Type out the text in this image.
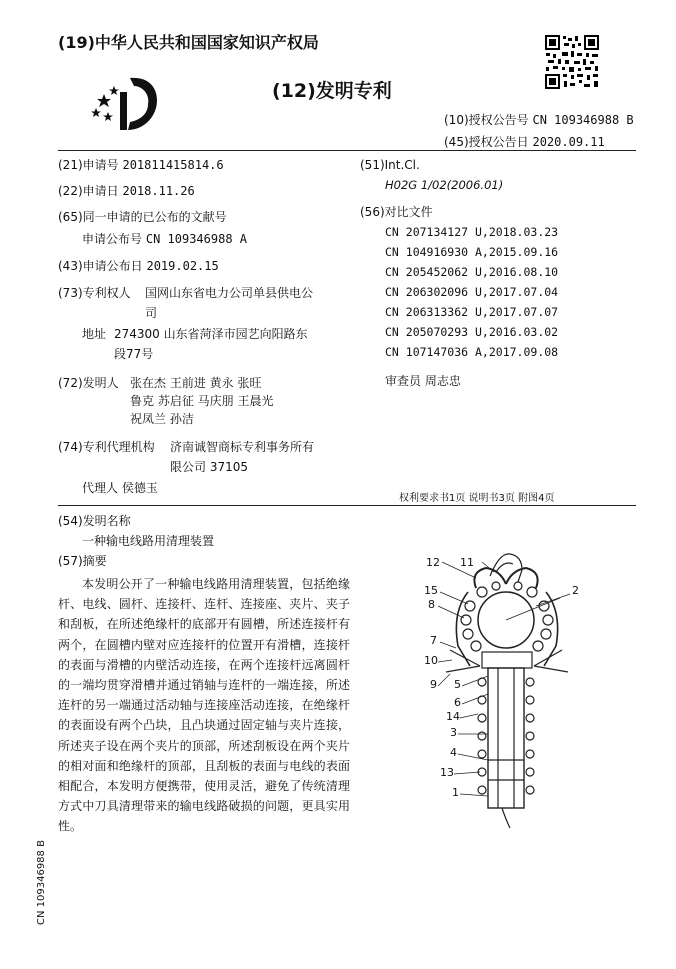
(19)中华人民共和国国家知识产权局
(12)发明专利
(10)授权公告号 CN 109346988 B
(45)授权公告日 2020.09.11
(21)申请号 201811415814.6
(22)申请日 2018.11.26
(65)同一申请的已公布的文献号
申请公布号 CN 109346988 A
(43)申请公布日 2019.02.15
(73)专利权人 国网山东省电力公司单县供电公
司
地址 274300 山东省菏泽市园艺向阳路东
段77号
(72)发明人 张在杰 王前进 黄永 张旺
鲁克 苏启征 马庆朋 王晨光
祝凤兰 孙洁
(74)专利代理机构 济南诚智商标专利事务所有
限公司 37105
代理人 侯德玉
(51)Int.Cl.
H02G 1/02(2006.01)
(56)对比文件
CN 207134127 U,2018.03.23
CN 104916930 A,2015.09.16
CN 205452062 U,2016.08.10
CN 206302096 U,2017.07.04
CN 206313362 U,2017.07.07
CN 205070293 U,2016.03.02
CN 107147036 A,2017.09.08
审查员 周志忠
权利要求书1页 说明书3页 附图4页
(54)发明名称
一种输电线路用清理装置
(57)摘要
本发明公开了一种输电线路用清理装置，包括绝缘杆、电线、圆杆、连接杆、连杆、连接座、夹片、夹子和刮板，在所述绝缘杆的底部开有圆槽，所述连接杆有两个，在圆槽内壁对应连接杆的位置开有滑槽，连接杆的表面与滑槽的内壁活动连接，在两个连接杆远离圆杆的一端均贯穿滑槽并通过销轴与连杆的一端连接，所述连杆的另一端通过活动轴与连接座活动连接，在绝缘杆的表面设有两个凸块，且凸块通过固定轴与夹片连接，所述夹子设在两个夹片的顶部，所述刮板设在两个夹片的相对面和绝缘杆的顶部，且刮板的表面与电线的表面相配合，本发明方便携带，使用灵活，避免了传统清理方式中刀具清理带来的输电线路破损的问题，更具实用性。
CN 109346988 B
12 11
2
15
8
7
10
9 5
6
14
3
4
13
1
